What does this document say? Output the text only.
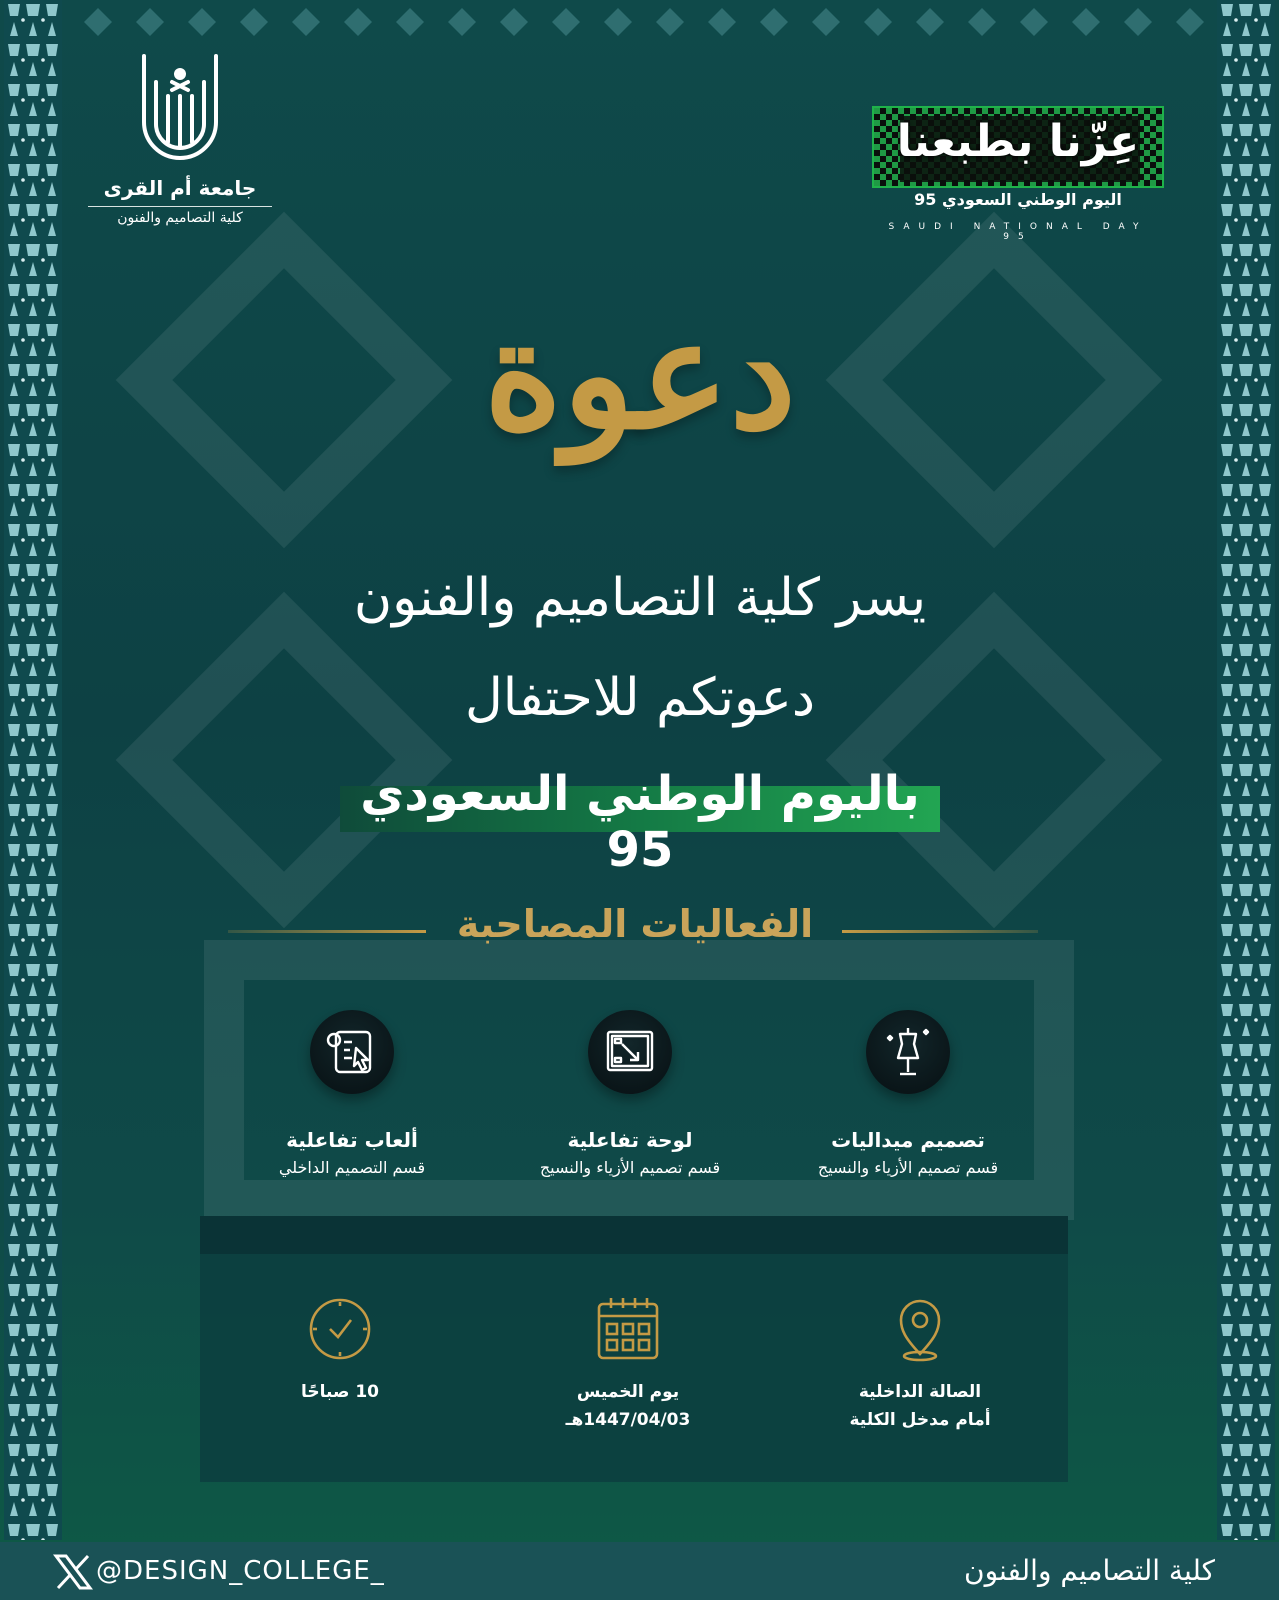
جامعة أم القرى
كلية التصاميم والفنون
عِزّنا بطبعنا
اليوم الوطني السعودي 95
SAUDI NATIONAL DAY 95
دعوة
يسر كلية التصاميم والفنون
دعوتكم للاحتفال
باليوم الوطني السعودي 95
الفعاليات المصاحبة
تصميم ميداليات
قسم تصميم الأزياء والنسيج
لوحة تفاعلية
قسم تصميم الأزياء والنسيج
ألعاب تفاعلية
قسم التصميم الداخلي
الصالة الداخلية
أمام مدخل الكلية
يوم الخميس
1447/04/03هـ
10 صباحًا
@DESIGN_COLLEGE_	كلية التصاميم والفنون
